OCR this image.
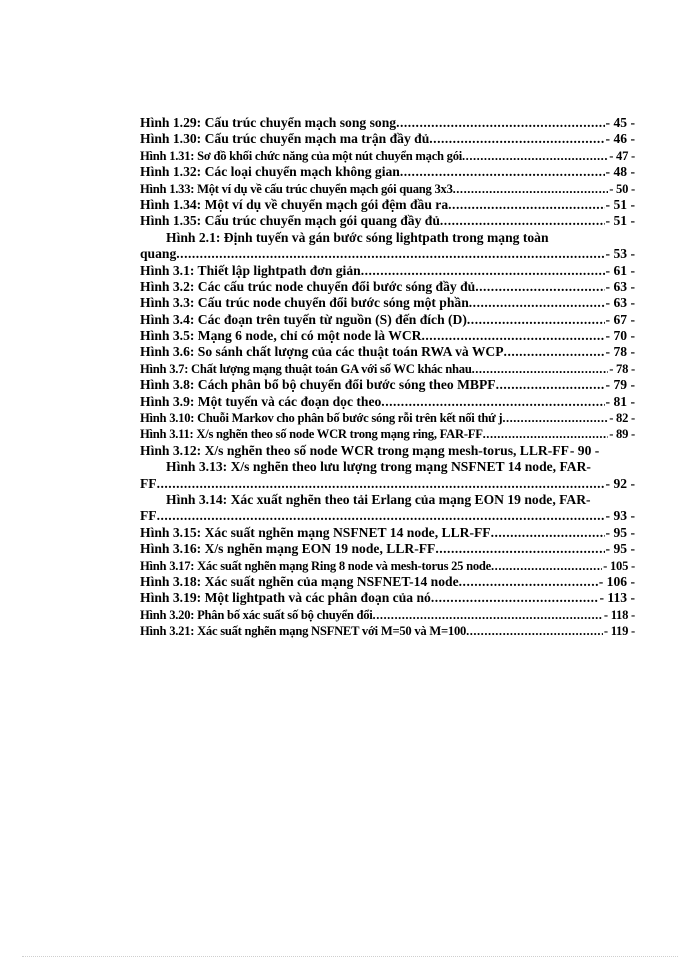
Hình 1.29: Cấu trúc chuyển mạch song song .....	- 45 -
Hình 1.30: Cấu trúc chuyển mạch ma trận đầy đủ .....	- 46 -
Hình 1.31: Sơ đồ khối chức năng của một nút chuyển mạch gói .....	- 47 -
Hình 1.32: Các loại chuyển mạch không gian .....	- 48 -
Hình 1.33: Một ví dụ về cấu trúc chuyển mạch gói quang 3x3 .....	- 50 -
Hình 1.34: Một ví dụ về chuyển mạch gói đệm đầu ra .....	- 51 -
Hình 1.35: Cấu trúc chuyển mạch gói quang đầy đủ .....	- 51 -
Hình 2.1: Định tuyến và gán bước sóng lightpath trong mạng toàn
quang .....	- 53 -
Hình 3.1: Thiết lập lightpath đơn giản .....	- 61 -
Hình 3.2: Các cấu trúc node chuyển đổi bước sóng đầy đủ .....	- 63 -
Hình 3.3: Cấu trúc node chuyển đổi bước sóng một phần .....	- 63 -
Hình 3.4: Các đoạn trên tuyến từ nguồn (S) đến đích (D) .....	- 67 -
Hình 3.5: Mạng 6 node, chỉ có một node là WCR .....	- 70 -
Hình 3.6: So sánh chất lượng của các thuật toán RWA và WCP .....	- 78 -
Hình 3.7: Chất lượng mạng thuật toán GA với số WC khác nhau .....	- 78 -
Hình 3.8: Cách phân bổ bộ chuyển đổi bước sóng theo MBPF .....	- 79 -
Hình 3.9: Một tuyến và các đoạn dọc theo .....	- 81 -
Hình 3.10: Chuỗi Markov cho phân bố bước sóng rỗi trên kết nối thứ j .....	- 82 -
Hình 3.11: X/s nghẽn theo số node WCR trong mạng ring, FAR-FF .....	- 89 -
Hình 3.12: X/s nghẽn theo số node WCR trong mạng mesh-torus, LLR-FF - 90 -
Hình 3.13: X/s nghẽn theo lưu lượng trong mạng NSFNET 14 node, FAR-
FF .....	- 92 -
Hình 3.14: Xác xuất nghẽn theo tải Erlang của mạng EON 19 node, FAR-
FF .....	- 93 -
Hình 3.15: Xác suất nghẽn mạng NSFNET 14 node, LLR-FF .....	- 95 -
Hình 3.16: X/s nghẽn mạng EON 19 node, LLR-FF .....	- 95 -
Hình 3.17: Xác suất nghẽn mạng Ring 8 node và mesh-torus 25 node .....	- 105 -
Hình 3.18: Xác suất nghẽn của mạng NSFNET-14 node .....	- 106 -
Hình 3.19: Một lightpath và các phân đoạn của nó .....	- 113 -
Hình 3.20: Phân bố xác suất số bộ chuyển đổi .....	- 118 -
Hình 3.21: Xác suất nghẽn mạng NSFNET với M=50 và M=100 .....	- 119 -
